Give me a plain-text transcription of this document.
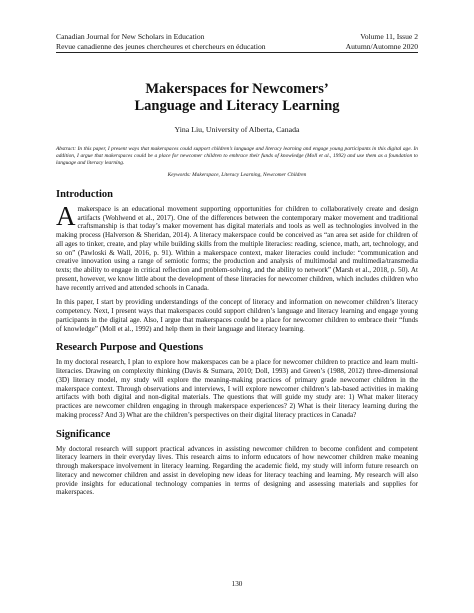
Canadian Journal for New Scholars in Education	Volume 11, Issue 2
Revue canadienne des jeunes chercheures et chercheurs en éducation	Autumn/Automne 2020
Makerspaces for Newcomers’
Language and Literacy Learning
Yina Liu, University of Alberta, Canada
Abstract: In this paper, I present ways that makerspaces could support children’s language and literacy learning and engage young participants in this digital age. In addition, I argue that makerspaces could be a place for newcomer children to embrace their funds of knowledge (Moll et al., 1992) and use them as a foundation to language and literacy learning.
Keywords: Makerspace, Literacy Learning, Newcomer Children
Introduction

Amakerspace is an educational movement supporting opportunities for children to collaboratively create and design artifacts (Wohlwend et al., 2017). One of the differences between the contemporary maker movement and traditional craftsmanship is that today’s maker movement has digital materials and tools as well as technologies involved in the making process (Halverson & Sheridan, 2014). A literacy makerspace could be conceived as “an area set aside for children of all ages to tinker, create, and play while building skills from the multiple literacies: reading, science, math, art, technology, and so on” (Pawloski & Wall, 2016, p. 91). Within a makerspace context, maker literacies could include: “communication and creative innovation using a range of semiotic forms; the production and analysis of multimodal and multimedia/transmedia texts; the ability to engage in critical reflection and problem-solving, and the ability to network” (Marsh et al., 2018, p. 50). At present, however, we know little about the development of these literacies for newcomer children, which includes children who have recently arrived and attended schools in Canada.

In this paper, I start by providing understandings of the concept of literacy and information on newcomer children’s literacy competency. Next, I present ways that makerspaces could support children’s language and literacy learning and engage young participants in the digital age. Also, I argue that makerspaces could be a place for newcomer children to embrace their “funds of knowledge” (Moll et al., 1992) and help them in their language and literacy learning.

Research Purpose and Questions

In my doctoral research, I plan to explore how makerspaces can be a place for newcomer children to practice and learn multi-literacies. Drawing on complexity thinking (Davis & Sumara, 2010; Doll, 1993) and Green’s (1988, 2012) three-dimensional (3D) literacy model, my study will explore the meaning-making practices of primary grade newcomer children in the makerspace context. Through observations and interviews, I will explore newcomer children’s lab-based activities in making artifacts with both digital and non-digital materials. The questions that will guide my study are: 1) What maker literacy practices are newcomer children engaging in through makerspace experiences? 2) What is their literacy learning during the making process? And 3) What are the children’s perspectives on their digital literacy practices in Canada?

Significance

My doctoral research will support practical advances in assisting newcomer children to become confident and competent literacy learners in their everyday lives. This research aims to inform educators of how newcomer children make meaning through makerspace involvement in literacy learning. Regarding the academic field, my study will inform future research on literacy and newcomer children and assist in developing new ideas for literacy teaching and learning. My research will also provide insights for educational technology companies in terms of designing and assessing materials and supplies for makerspaces.

130
